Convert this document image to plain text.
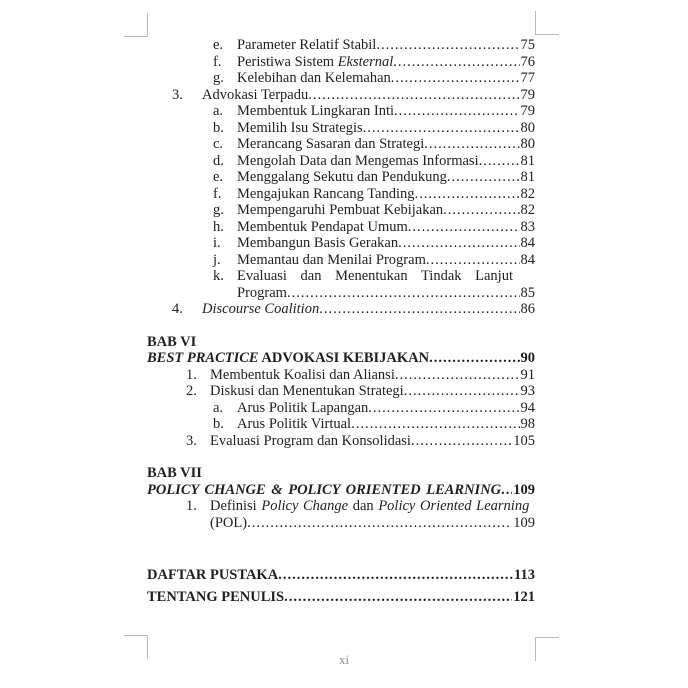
e. Parameter Relatif Stabil .....	75
f.	Peristiwa Sistem Eksternal .....	76
g. Kelebihan dan Kelemahan .....	77
3.	Advokasi Terpadu .....	79
a. Membentuk Lingkaran Inti .....	79
b. Memilih Isu Strategis .....	80
c. Merancang Sasaran dan Strategi .....	80
d. Mengolah Data dan Mengemas Informasi .....	81
e. Menggalang Sekutu dan Pendukung .....	81
f.	Mengajukan Rancang Tanding .....	82
g. Mempengaruhi Pembuat Kebijakan .....	82
h. Membentuk Pendapat Umum .....	83
i.	Membangun Basis Gerakan .....	84
j.	Memantau dan Menilai Program .....	84
k. Evaluasi dan Menentukan Tindak Lanjut
Program .....	85
4.	Discourse Coalition .....	86
BAB VI
BEST PRACTICE ADVOKASI KEBIJAKAN .....	90
1. Membentuk Koalisi dan Aliansi .....	91
2. Diskusi dan Menentukan Strategi .....	93
a. Arus Politik Lapangan .....	94
b. Arus Politik Virtual .....	98
3. Evaluasi Program dan Konsolidasi .....	105
BAB VII
POLICY CHANGE & POLICY ORIENTED LEARNING ..... 109
1. Definisi Policy Change dan Policy Oriented Learning
(POL) .....	109
DAFTAR PUSTAKA .....	113
TENTANG PENULIS .....	121
xi
